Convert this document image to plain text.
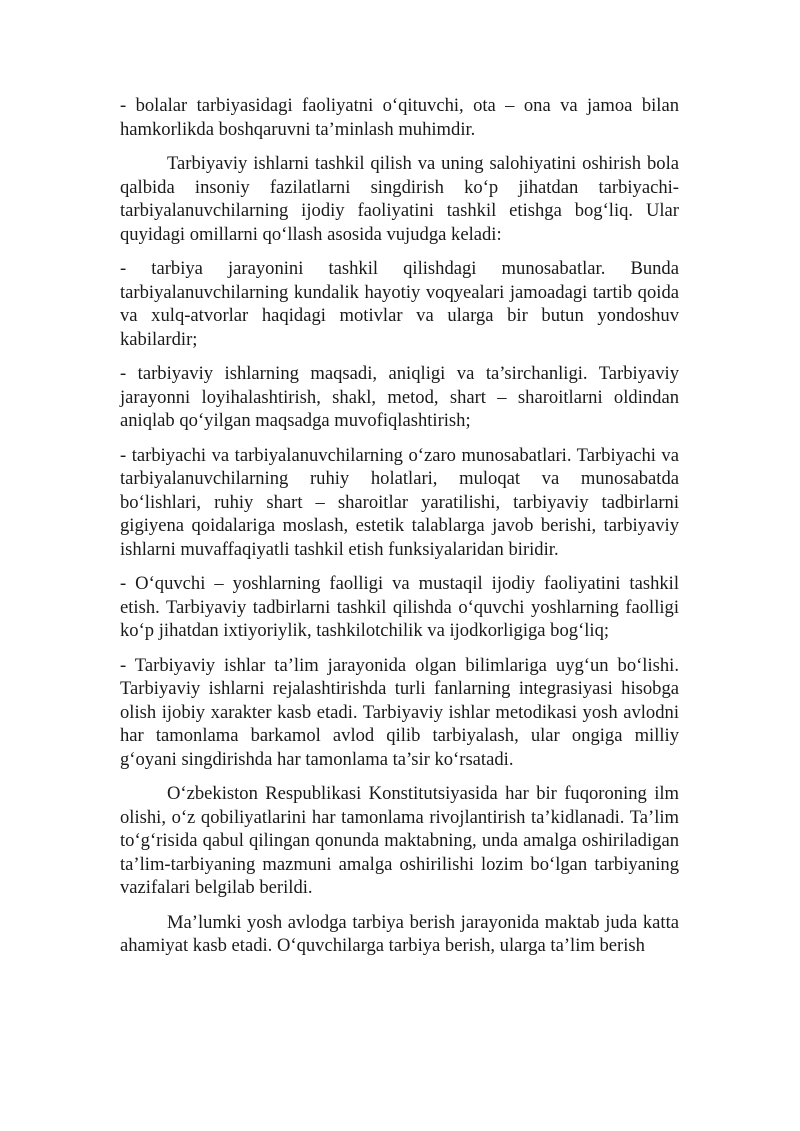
- bolalar tarbiyasidagi faoliyatni o‘qituvchi, ota – ona va jamoa bilan hamkorlikda boshqaruvni ta’minlash muhimdir.

Tarbiyaviy ishlarni tashkil qilish va uning salohiyatini oshirish bola qalbida insoniy fazilatlarni singdirish ko‘p jihatdan tarbiyachi-tarbiyalanuvchilarning ijodiy faoliyatini tashkil etishga bog‘liq. Ular quyidagi omillarni qo‘llash asosida vujudga keladi:

- tarbiya jarayonini tashkil qilishdagi munosabatlar. Bunda tarbiyalanuvchilarning kundalik hayotiy voqyealari jamoadagi tartib qoida va xulq-atvorlar haqidagi motivlar va ularga bir butun yondoshuv kabilardir;

- tarbiyaviy ishlarning maqsadi, aniqligi va ta’sirchanligi. Tarbiyaviy jarayonni loyihalashtirish, shakl, metod, shart – sharoitlarni oldindan aniqlab qo‘yilgan maqsadga muvofiqlashtirish;

- tarbiyachi va tarbiyalanuvchilarning o‘zaro munosabatlari. Tarbiyachi va tarbiyalanuvchilarning ruhiy holatlari, muloqat va munosabatda bo‘lishlari, ruhiy shart – sharoitlar yaratilishi, tarbiyaviy tadbirlarni gigiyena qoidalariga moslash, estetik talablarga javob berishi, tarbiyaviy ishlarni muvaffaqiyatli tashkil etish funksiyalaridan biridir.

- O‘quvchi – yoshlarning faolligi va mustaqil ijodiy faoliyatini tashkil etish. Tarbiyaviy tadbirlarni tashkil qilishda o‘quvchi yoshlarning faolligi ko‘p jihatdan ixtiyoriylik, tashkilotchilik va ijodkorligiga bog‘liq;

- Tarbiyaviy ishlar ta’lim jarayonida olgan bilimlariga uyg‘un bo‘lishi. Tarbiyaviy ishlarni rejalashtirishda turli fanlarning integrasiyasi hisobga olish ijobiy xarakter kasb etadi. Tarbiyaviy ishlar metodikasi yosh avlodni har tamonlama barkamol avlod qilib tarbiyalash, ular ongiga milliy g‘oyani singdirishda har tamonlama ta’sir ko‘rsatadi.

O‘zbekiston Respublikasi Konstitutsiyasida har bir fuqoroning ilm olishi, o‘z qobiliyatlarini har tamonlama rivojlantirish ta’kidlanadi. Ta’lim to‘g‘risida qabul qilingan qonunda maktabning, unda amalga oshiriladigan ta’lim-tarbiyaning mazmuni amalga oshirilishi lozim bo‘lgan tarbiyaning vazifalari belgilab berildi.

Ma’lumki yosh avlodga tarbiya berish jarayonida maktab juda katta ahamiyat kasb etadi. O‘quvchilarga tarbiya berish, ularga ta’lim berish
